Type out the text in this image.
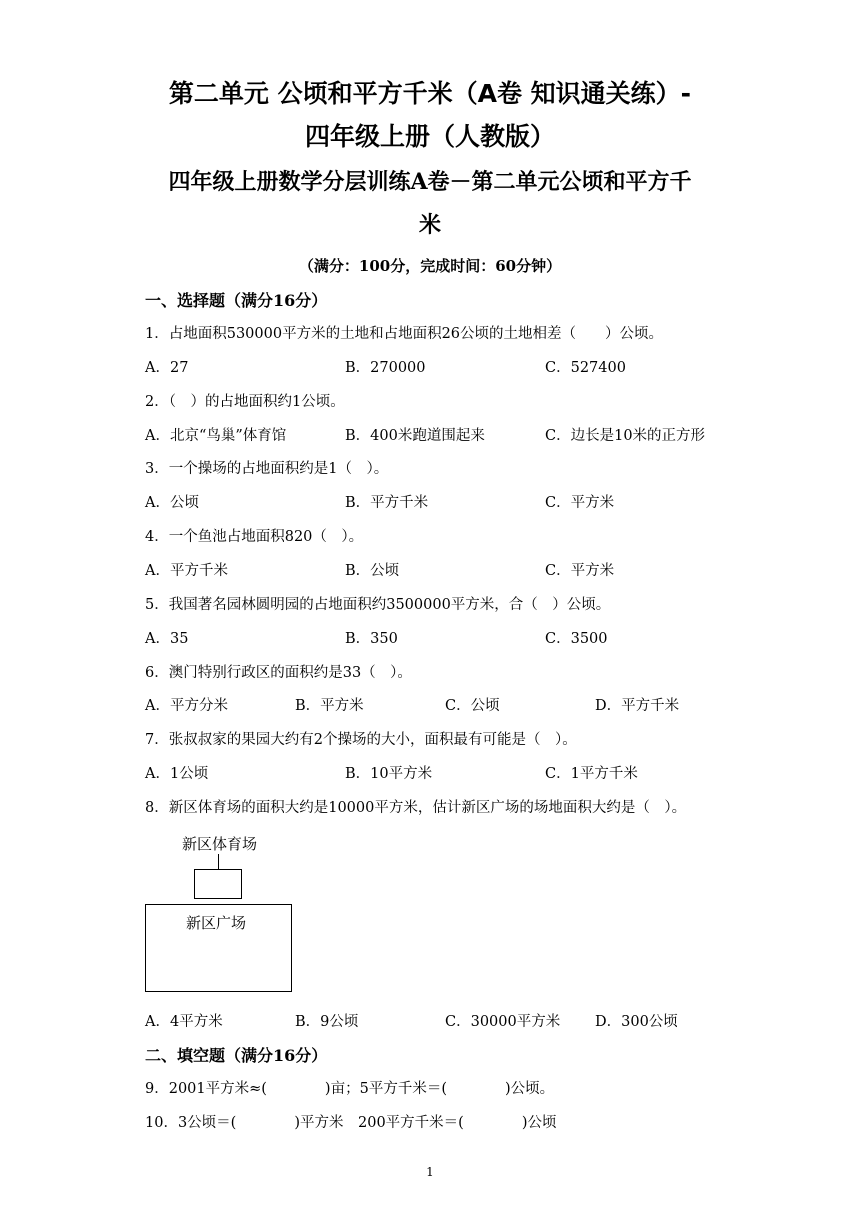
第二单元 公顷和平方千米（A卷 知识通关练）-
四年级上册（人教版）
四年级上册数学分层训练A卷－第二单元公顷和平方千
米
（满分：100分，完成时间：60分钟）
一、选择题（满分16分）
1．占地面积530000平方米的土地和占地面积26公顷的土地相差（　　）公顷。
A．27	B．270000	C．527400
2．（　）的占地面积约1公顷。
A．北京“鸟巢”体育馆	B．400米跑道围起来	C．边长是10米的正方形
3．一个操场的占地面积约是1（　）。
A．公顷	B．平方千米	C．平方米
4．一个鱼池占地面积820（　）。
A．平方千米	B．公顷	C．平方米
5．我国著名园林圆明园的占地面积约3500000平方米，合（　）公顷。
A．35	B．350	C．3500
6．澳门特别行政区的面积约是33（　）。
A．平方分米	B．平方米	C．公顷	D．平方千米
7．张叔叔家的果园大约有2个操场的大小，面积最有可能是（　）。
A．1公顷	B．10平方米	C．1平方千米
8．新区体育场的面积大约是10000平方米，估计新区广场的场地面积大约是（　）。
新区体育场
新区广场
A．4平方米	B．9公顷	C．30000平方米 D．300公顷
二、填空题（满分16分）
9．2001平方米≈(　　　　)亩；5平方千米＝(　　　　)公顷。
10．3公顷＝(　　　　)平方米　200平方千米＝(　　　　)公顷
1
